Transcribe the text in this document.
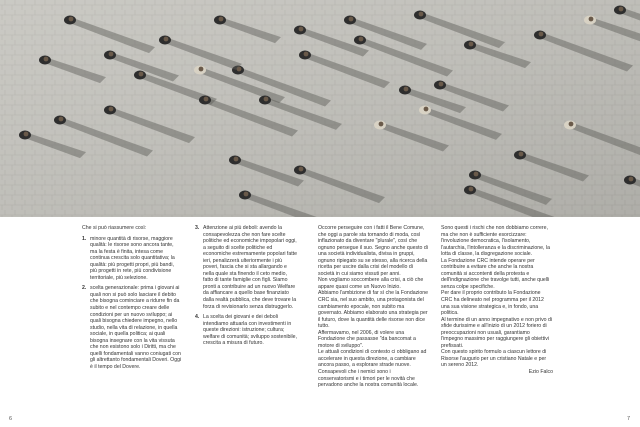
Che si può riassumere così:

1. minore quantità di risorse, maggiore qualità: le risorse sono ancora tante, ma la festa è finita, intesa come continua crescita solo quantitativa; la qualità: più progetti propri, più bandi, più progetti in rete, più condivisione territoriale, più selezione.
2. scelta generazionale: prima i giovani ai quali non si può solo lasciare il debito che bisogna cominciare a ridurre fin da subito e nel contempo creare delle condizioni per un nuovo sviluppo; ai quali bisogna chiedere impegno, nello studio, nella vita di relazione, in quella sociale, in quella politica; ai quali bisogna insegnare con la vita vissuta che non esistono solo i Diritti, ma che quelli fondamentali vanno coniugati con gli altrettanto fondamentali Doveri. Oggi è il tempo del Dovere.
3. Attenzione ai più deboli: avendo la consapevolezza che non fare scelte politiche ed economiche impopolari oggi, a seguito di scelte politiche ed economiche estremamente popolari fatte ieri, penalizzerà ulteriormente i più poveri, fascia che si sta allargando e nella quale sta finendo il ceto medio, fatto di tante famiglie con figli. Siamo pronti a contribuire ad un nuovo Welfare da affiancare a quello base finanziato dalla realtà pubblica, che deve trovare la forza di revisionarlo senza distruggerlo.
4. La scelta dei giovani e dei deboli intendiamo attuarla con investimenti in queste direzioni: istruzione; cultura; welfare di comunità; sviluppo sostenibile, crescita a misura di futuro.

Occorre perseguire con i fatti il Bene Comune, che oggi a parole sta tornando di moda, così inflazionato da diventare "plurale", così che ognuno persegue il suo. Segno anche questo di una società individualista, divisa in gruppi, ognuno ripiegato su se stesso, alla ricerca della ricetta per uscire dalla crisi del modello di società in cui siamo vissuti per anni.

Non vogliamo soccombere alla crisi, a ciò che appare quasi come un Nuovo Inizio.

Abbiamo l'ambizione di far sì che la Fondazione CRC sia, nel suo ambito, una protagonista del cambiamento epocale, non subito ma governato. Abbiamo elaborato una strategia per il futuro, dove la quantità delle risorse non dice tutto.

Affermavamo, nel 2006, di volere una Fondazione che passasse "da bancomat a motore di sviluppo".

Le attuali condizioni di contesto ci obbligano ad accelerare in questa direzione, a cambiare ancora passo, a esplorare strade nuove. Consapevoli che i nemici sono i conservatorismi e i timori per le novità che pervadono anche la nostra comunità locale.

Sono questi i rischi che non dobbiamo correre, ma che non è sufficiente esorcizzare: l'involuzione democratica, l'isolamento, l'autarchia, l'intolleranza e la discriminazione, la lotta di classe, la disgregazione sociale.

La Fondazione CRC intende operare per contribuire a evitare che anche la nostra comunità si accontenti della protesta e dell'indignazione che travolge tutti, anche quelli senza colpe specifiche.

Per dare il proprio contributo la Fondazione CRC ha delineato nel programma per il 2012 una sua visione strategica e, in fondo, una politica.

Al termine di un anno impegnativo e non privo di sfide durissime e all'inizio di un 2012 foriero di preoccupazioni non usuali, garantiamo l'impegno massimo per raggiungere gli obiettivi prefissati.

Con questo spirito formulo a ciascun lettore di Risorse l'augurio per un cristiano Natale e per un sereno 2012.

Ezio Falco

6	7
